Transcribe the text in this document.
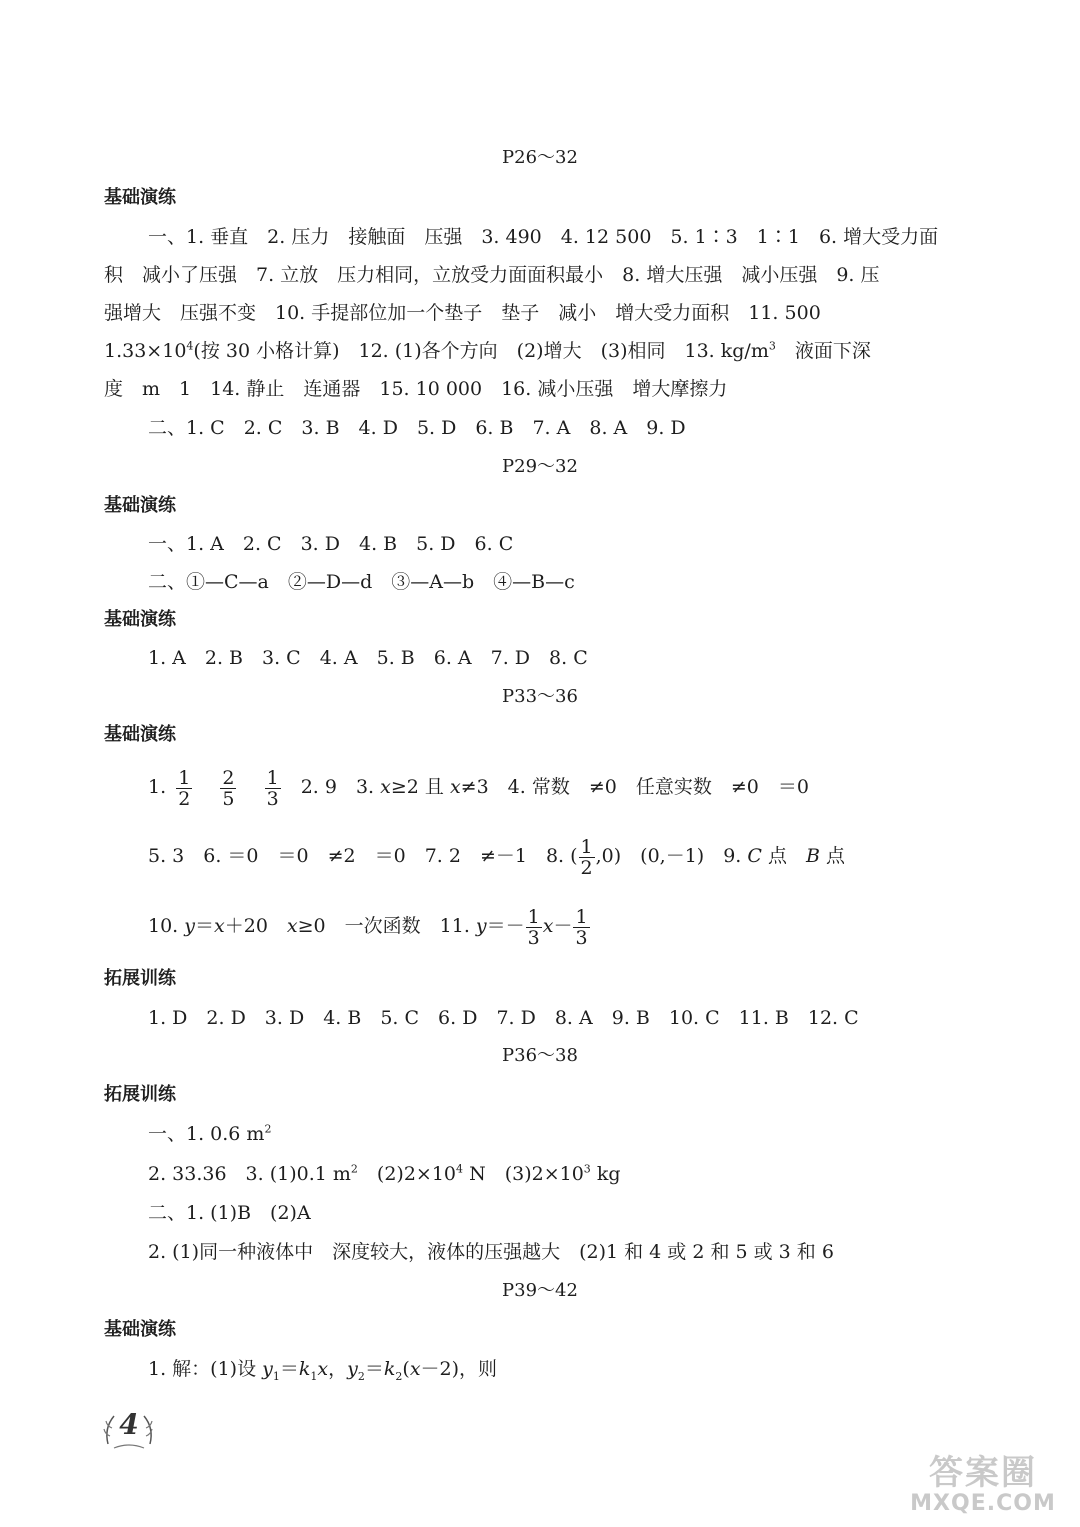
P26～32
基础演练
一、1. 垂直　2. 压力　接触面　压强　3. 490　4. 12 500　5. 1∶3　1∶1　6. 增大受力面
积　减小了压强　7. 立放　压力相同，立放受力面面积最小　8. 增大压强　减小压强　9. 压
强增大　压强不变　10. 手提部位加一个垫子　垫子　减小　增大受力面积　11. 500
$1.33\times 10^4$(按 30 小格计算)　12. (1)各个方向　(2)增大　(3)相同　13. $kg/m^3$　液面下深
度　m　1　14. 静止　连通器　15. 10 000　16. 减小压强　增大摩擦力
二、1. C　2. C　3. B　4. D　5. D　6. B　7. A　8. A　9. D
P29～32
基础演练
一、1. A　2. C　3. D　4. B　5. D　6. C
二、①—C—a　②—D—d　③—A—b　④—B—c
基础演练
1. A　2. B　3. C　4. A　5. B　6. A　7. D　8. C
P33～36
基础演练
1. $\frac{1}{2}$
$\frac{2}{5}$
$\frac{1}{3} 2$. 9　3. x≥2 且 x≠3　4. 常数　≠0　任意实数　≠0　＝0
5. 3　6. ＝0　＝0　≠2　＝0　7. 2　≠－1　8. ( $\frac{1}{2} ,0$)　(0,－1)　9. C 点　B 点
10. y＝x＋20　x≥0　一次函数　11. $y=- \frac{1}{3} x- \frac{1}{3}$
拓展训练
1. D　2. D　3. D　4. B　5. C　6. D　7. D　8. A　9. B　10. C　11. B　12. C
P36～38
拓展训练
一、1. 0.6 $m^2$
2. 33.36　3. (1)0.1 $m^2$　$(2)2\times 10^4$ N　$(3)2\times 10^3$ kg
二、1. (1)B　(2)A
2. (1)同一种液体中　深度较大，液体的压强越大　(2)1 和 4 或 2 和 5 或 3 和 6
P39～42
基础演练
1. 解：(1)设 $y_1=k_1x$，$y_2=k_2(x-2)$，则
4
答案圈
MXQE.COM
